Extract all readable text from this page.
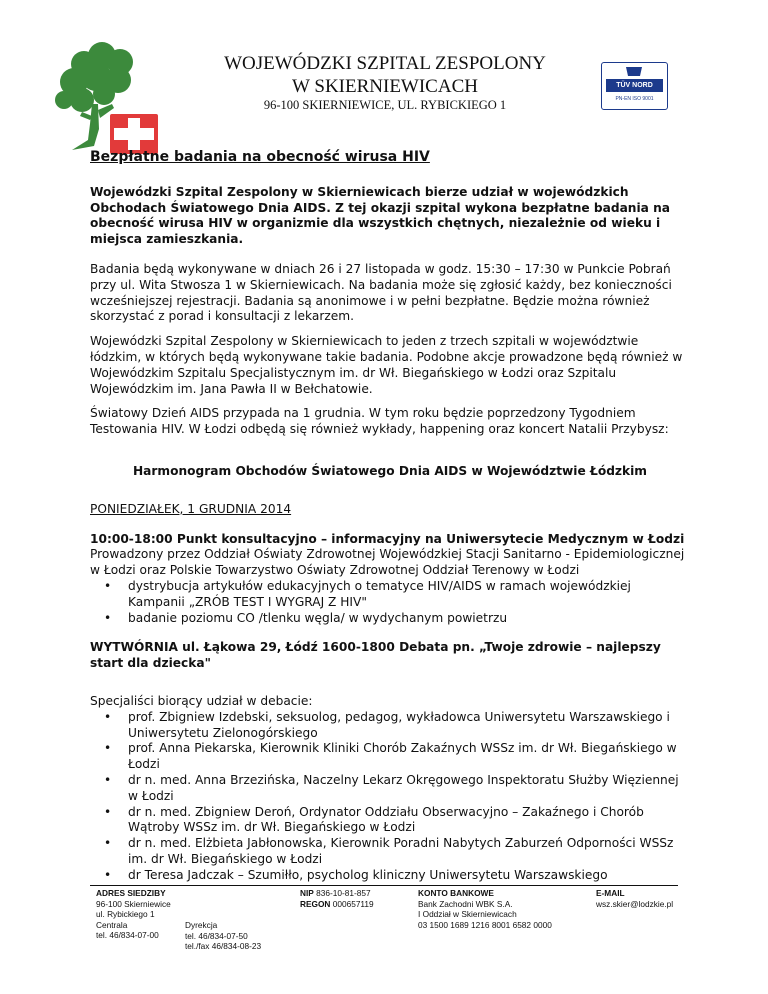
WOJEWÓDZKI SZPITAL ZESPOLONY
W SKIERNIEWICACH
96-100 SKIERNIEWICE, UL. RYBICKIEGO 1
TÜV NORD
PN-EN ISO 9001
Bezpłatne badania na obecność wirusa HIV
Wojewódzki Szpital Zespolony w Skierniewicach bierze udział w wojewódzkich Obchodach Światowego Dnia AIDS. Z tej okazji szpital wykona bezpłatne badania na obecność wirusa HIV w organizmie dla wszystkich chętnych, niezależnie od wieku i miejsca zamieszkania.

Badania będą wykonywane w dniach 26 i 27 listopada w godz. 15:30 – 17:30 w Punkcie Pobrań przy ul. Wita Stwosza 1 w Skierniewicach. Na badania może się zgłosić każdy, bez konieczności wcześniejszej rejestracji. Badania są anonimowe i w pełni bezpłatne. Będzie można również skorzystać z porad i konsultacji z lekarzem.

Wojewódzki Szpital Zespolony w Skierniewicach to jeden z trzech szpitali w województwie łódzkim, w których będą wykonywane takie badania. Podobne akcje prowadzone będą również w Wojewódzkim Szpitalu Specjalistycznym im. dr Wł. Biegańskiego w Łodzi oraz Szpitalu Wojewódzkim im. Jana Pawła II w Bełchatowie.

Światowy Dzień AIDS przypada na 1 grudnia. W tym roku będzie poprzedzony Tygodniem Testowania HIV. W Łodzi odbędą się również wykłady, happening oraz koncert Natalii Przybysz:

Harmonogram Obchodów Światowego Dnia AIDS w Województwie Łódzkim
PONIEDZIAŁEK, 1 GRUDNIA 2014
10:00-18:00 Punkt konsultacyjno – informacyjny na Uniwersytecie Medycznym w Łodzi
Prowadzony przez Oddział Oświaty Zdrowotnej Wojewódzkiej Stacji Sanitarno - Epidemiologicznej w Łodzi oraz Polskie Towarzystwo Oświaty Zdrowotnej Oddział Terenowy w Łodzi
• dystrybucja artykułów edukacyjnych o tematyce HIV/AIDS w ramach wojewódzkiej Kampanii „ZRÓB TEST I WYGRAJ Z HIV"
• badanie poziomu CO /tlenku węgla/ w wydychanym powietrzu
WYTWÓRNIA ul. Łąkowa 29, Łódź 1600-1800 Debata pn. „Twoje zdrowie – najlepszy start dla dziecka"
Specjaliści biorący udział w debacie:
• prof. Zbigniew Izdebski, seksuolog, pedagog, wykładowca Uniwersytetu Warszawskiego i Uniwersytetu Zielonogórskiego
• prof. Anna Piekarska, Kierownik Kliniki Chorób Zakaźnych WSSz im. dr Wł. Biegańskiego w Łodzi
• dr n. med. Anna Brzezińska, Naczelny Lekarz Okręgowego Inspektoratu Służby Więziennej w Łodzi
• dr n. med. Zbigniew Deroń, Ordynator Oddziału Obserwacyjno – Zakaźnego i Chorób Wątroby WSSz im. dr Wł. Biegańskiego w Łodzi
• dr n. med. Elżbieta Jabłonowska, Kierownik Poradni Nabytych Zaburzeń Odporności WSSz im. dr Wł. Biegańskiego w Łodzi
• dr Teresa Jadczak – Szumiłło, psycholog kliniczny Uniwersytetu Warszawskiego
ADRES SIEDZIBY
96-100 Skierniewice
ul. Rybickiego 1
Centrala
tel. 46/834-07-00
Dyrekcja
tel. 46/834-07-50
tel./fax 46/834-08-23
NIP 836-10-81-857
REGON 000657119
KONTO BANKOWE
Bank Zachodni WBK S.A.
I Oddział w Skierniewicach
03 1500 1689 1216 8001 6582 0000
E-MAIL
wsz.skier@lodzkie.pl
